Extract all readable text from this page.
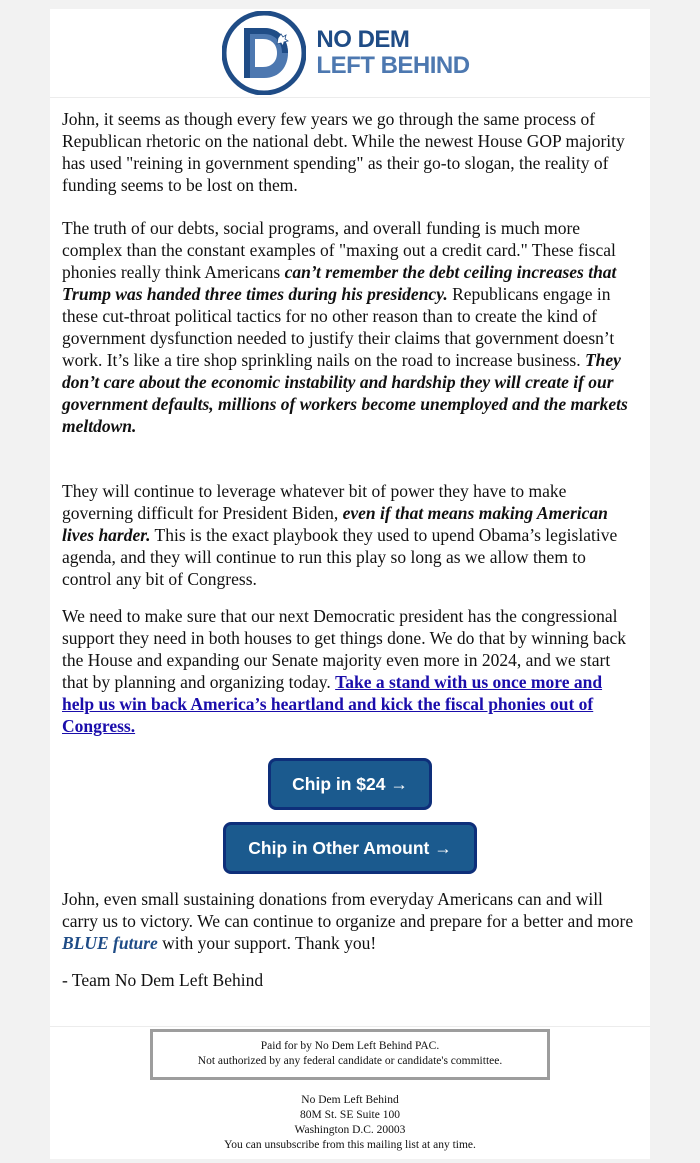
NO DEM
LEFT BEHIND

John, it seems as though every few years we go through the same process of Republican rhetoric on the national debt. While the newest House GOP majority has used "reining in government spending" as their go-to slogan, the reality of funding seems to be lost on them.

The truth of our debts, social programs, and overall funding is much more complex than the constant examples of "maxing out a credit card." These fiscal phonies really think Americans can’t remember the debt ceiling increases that Trump was handed three times during his presidency. Republicans engage in these cut-throat political tactics for no other reason than to create the kind of government dysfunction needed to justify their claims that government doesn’t work. It’s like a tire shop sprinkling nails on the road to increase business. They don’t care about the economic instability and hardship they will create if our government defaults, millions of workers become unemployed and the markets meltdown.

They will continue to leverage whatever bit of power they have to make governing difficult for President Biden, even if that means making American lives harder. This is the exact playbook they used to upend Obama’s legislative agenda, and they will continue to run this play so long as we allow them to control any bit of Congress.

We need to make sure that our next Democratic president has the congressional support they need in both houses to get things done. We do that by winning back the House and expanding our Senate majority even more in 2024, and we start that by planning and organizing today. Take a stand with us once more and help us win back America’s heartland and kick the fiscal phonies out of Congress.

Chip in $24 →
Chip in Other Amount →

John, even small sustaining donations from everyday Americans can and will carry us to victory. We can continue to organize and prepare for a better and more BLUE future with your support. Thank you!

- Team No Dem Left Behind

Paid for by No Dem Left Behind PAC.
Not authorized by any federal candidate or candidate's committee.
No Dem Left Behind
80M St. SE Suite 100
Washington D.C. 20003
You can unsubscribe from this mailing list at any time.
